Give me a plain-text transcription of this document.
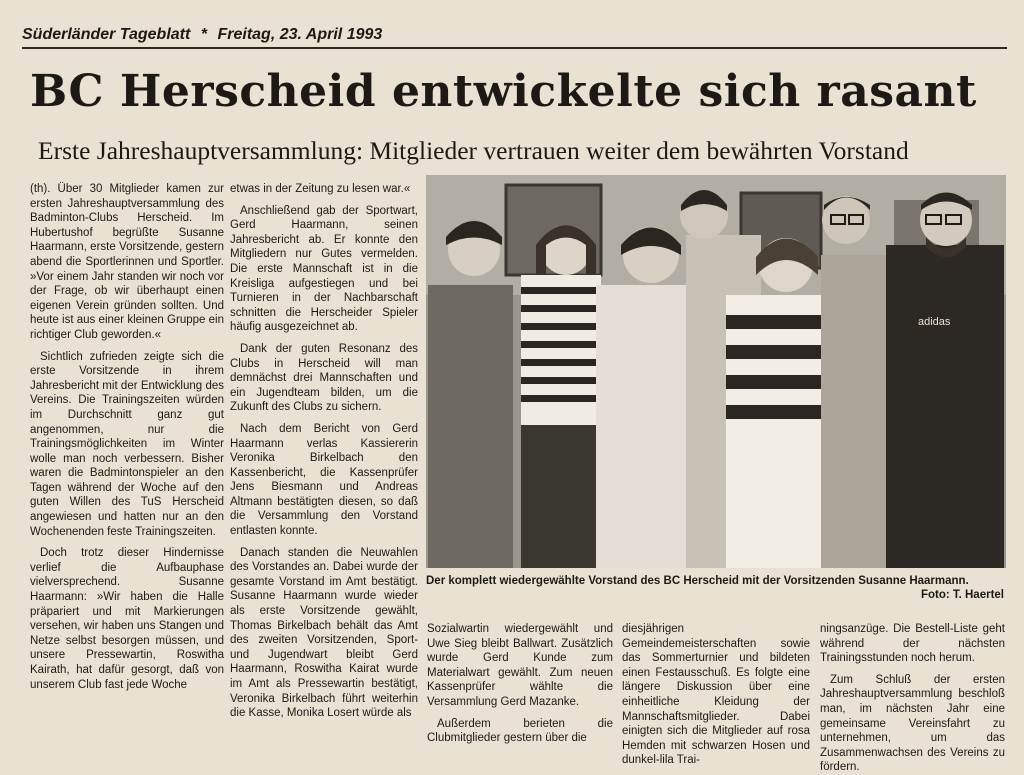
Süderländer Tageblatt * Freitag, 23. April 1993
BC Herscheid entwickelte sich rasant
Erste Jahreshauptversammlung: Mitglieder vertrauen weiter dem bewährten Vorstand

(th). Über 30 Mitglieder kamen zur ersten Jahreshauptversammlung des Badminton-Clubs Herscheid. Im Hubertushof begrüßte Susanne Haarmann, erste Vorsitzende, gestern abend die Sportlerinnen und Sportler. »Vor einem Jahr standen wir noch vor der Frage, ob wir überhaupt einen eigenen Verein gründen sollten. Und heute ist aus einer kleinen Gruppe ein richtiger Club geworden.«

Sichtlich zufrieden zeigte sich die erste Vorsitzende in ihrem Jahresbericht mit der Entwicklung des Vereins. Die Trainingszeiten würden im Durchschnitt ganz gut angenommen, nur die Trainingsmöglichkeiten im Winter wolle man noch verbessern. Bisher waren die Badmintonspieler an den Tagen während der Woche auf den guten Willen des TuS Herscheid angewiesen und hatten nur an den Wochenenden feste Trainingszeiten.

Doch trotz dieser Hindernisse verlief die Aufbauphase vielversprechend. Susanne Haarmann: »Wir haben die Halle präpariert und mit Markierungen versehen, wir haben uns Stangen und Netze selbst besorgen müssen, und unsere Pressewartin, Roswitha Kairath, hat dafür gesorgt, daß von unserem Club fast jede Woche

etwas in der Zeitung zu lesen war.«

Anschließend gab der Sportwart, Gerd Haarmann, seinen Jahresbericht ab. Er konnte den Mitgliedern nur Gutes vermelden. Die erste Mannschaft ist in die Kreisliga aufgestiegen und bei Turnieren in der Nachbarschaft schnitten die Herscheider Spieler häufig ausgezeichnet ab.

Dank der guten Resonanz des Clubs in Herscheid will man demnächst drei Mannschaften und ein Jugendteam bilden, um die Zukunft des Clubs zu sichern.

Nach dem Bericht von Gerd Haarmann verlas Kassiererin Veronika Birkelbach den Kassenbericht, die Kassenprüfer Jens Biesmann und Andreas Altmann bestätigten diesen, so daß die Versammlung den Vorstand entlasten konnte.

Danach standen die Neuwahlen des Vorstandes an. Dabei wurde der gesamte Vorstand im Amt bestätigt. Susanne Haarmann wurde wieder als erste Vorsitzende gewählt, Thomas Birkelbach behält das Amt des zweiten Vorsitzenden, Sport- und Jugendwart bleibt Gerd Haarmann, Roswitha Kairat wurde im Amt als Pressewartin bestätigt, Veronika Birkelbach führt weiterhin die Kasse, Monika Losert würde als

adidas
Der komplett wiedergewählte Vorstand des BC Herscheid mit der Vorsitzenden Susanne Haarmann.
Foto: T. Haertel

Sozialwartin wiedergewählt und Uwe Sieg bleibt Ballwart. Zusätzlich wurde Gerd Kunde zum Materialwart gewählt. Zum neuen Kassenprüfer wählte die Versammlung Gerd Mazanke.

Außerdem berieten die Clubmitglieder gestern über die

diesjährigen Gemeindemeisterschaften sowie das Sommerturnier und bildeten einen Festausschuß. Es folgte eine längere Diskussion über eine einheitliche Kleidung der Mannschaftsmitglieder. Dabei einigten sich die Mitglieder auf rosa Hemden mit schwarzen Hosen und dunkel-lila Trai-

ningsanzüge. Die Bestell-Liste geht während der nächsten Trainingsstunden noch herum.

Zum Schluß der ersten Jahreshauptversammlung beschloß man, im nächsten Jahr eine gemeinsame Vereinsfahrt zu unternehmen, um das Zusammenwachsen des Vereins zu fördern.
